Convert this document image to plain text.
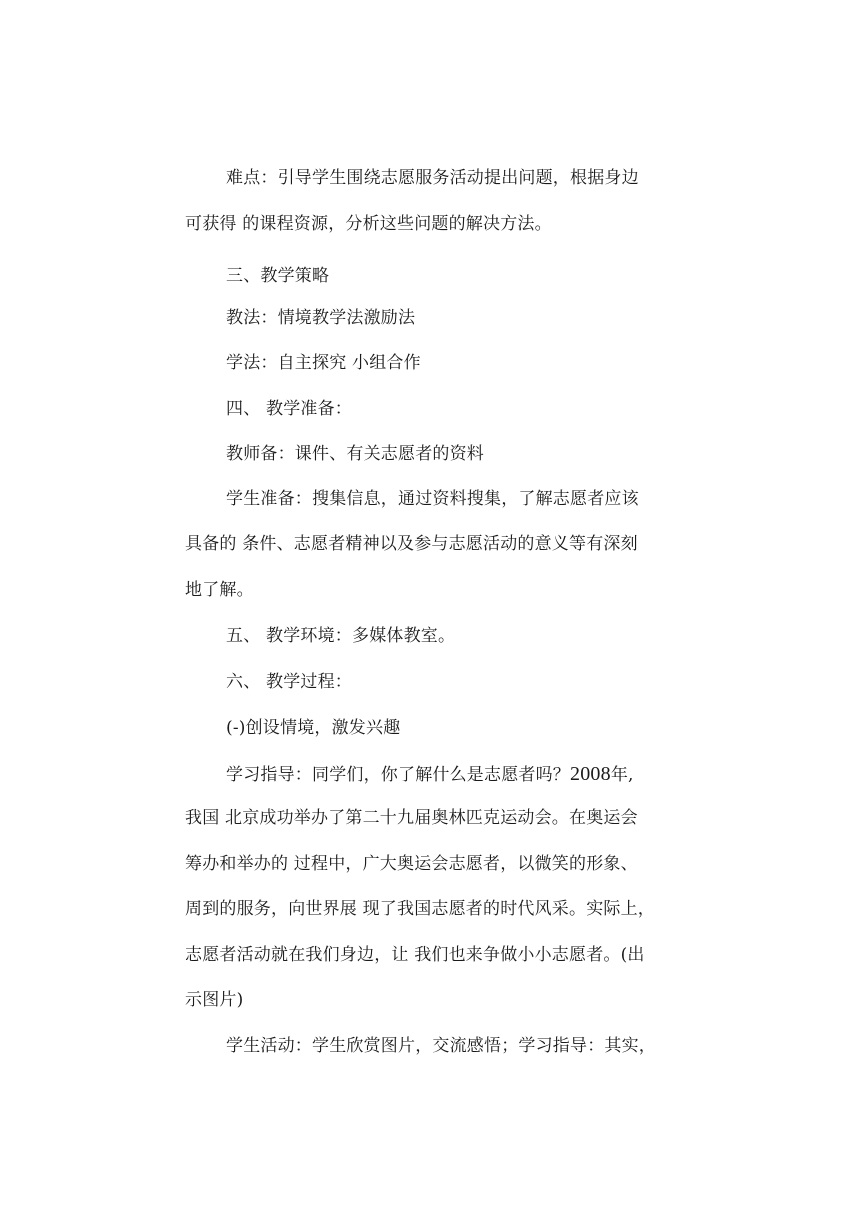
难点：引导学生围绕志愿服务活动提出问题，根据身边
可获得 的课程资源，分析这些问题的解决方法。
三、教学策略
教法：情境教学法激励法
学法：自主探究 小组合作
四、 教学准备：
教师备：课件、有关志愿者的资料
学生准备：搜集信息，通过资料搜集，了解志愿者应该
具备的 条件、志愿者精神以及参与志愿活动的意义等有深刻
地了解。
五、 教学环境：多媒体教室。
六、 教学过程：
(-)创设情境，激发兴趣
学习指导：同学们，你了解什么是志愿者吗？2008年,
我国 北京成功举办了第二十九届奥林匹克运动会。在奥运会
筹办和举办的 过程中，广大奥运会志愿者，以微笑的形象、
周到的服务，向世界展 现了我国志愿者的时代风采。实际上，
志愿者活动就在我们身边，让 我们也来争做小小志愿者。(出
示图片)
学生活动：学生欣赏图片，交流感悟；学习指导：其实，
